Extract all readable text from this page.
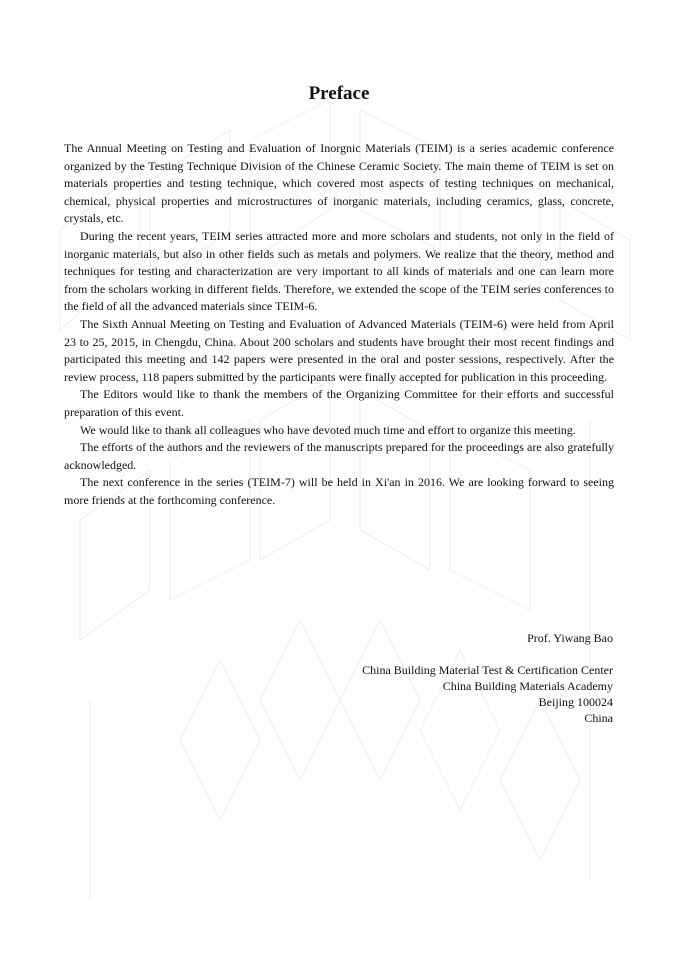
Preface

The Annual Meeting on Testing and Evaluation of Inorgnic Materials (TEIM) is a series academic conference organized by the Testing Technique Division of the Chinese Ceramic Society. The main theme of TEIM is set on materials properties and testing technique, which covered most aspects of testing techniques on mechanical, chemical, physical properties and microstructures of inorganic materials, including ceramics, glass, concrete, crystals, etc.

During the recent years, TEIM series attracted more and more scholars and students, not only in the field of inorganic materials, but also in other fields such as metals and polymers. We realize that the theory, method and techniques for testing and characterization are very important to all kinds of materials and one can learn more from the scholars working in different fields. Therefore, we extended the scope of the TEIM series conferences to the field of all the advanced materials since TEIM-6.

The Sixth Annual Meeting on Testing and Evaluation of Advanced Materials (TEIM-6) were held from April 23 to 25, 2015, in Chengdu, China. About 200 scholars and students have brought their most recent findings and participated this meeting and 142 papers were presented in the oral and poster sessions, respectively. After the review process, 118 papers submitted by the participants were finally accepted for publication in this proceeding.

The Editors would like to thank the members of the Organizing Committee for their efforts and successful preparation of this event.

We would like to thank all colleagues who have devoted much time and effort to organize this meeting.

The efforts of the authors and the reviewers of the manuscripts prepared for the proceedings are also gratefully acknowledged.

The next conference in the series (TEIM-7) will be held in Xi'an in 2016. We are looking forward to seeing more friends at the forthcoming conference.

Prof. Yiwang Bao
China Building Material Test & Certification Center
China Building Materials Academy
Beijing 100024
China
